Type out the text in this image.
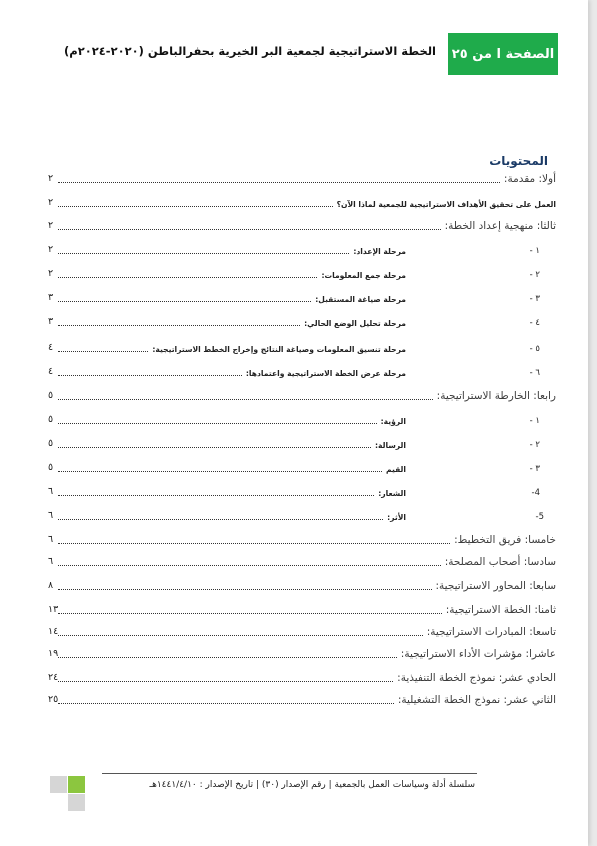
الصفحة ا من ٢٥
الخطة الاستراتيجية لجمعية البر الخيرية بحفرالباطن (٢٠٢٠-٢٠٢٤م)
المحتويات
٢	أولا: مقدمة:
٢	العمل على تحقيق الأهداف الاستراتيجية للجمعية لماذا الآن؟
٢	ثالثا: منهجية إعداد الخطة:
٢	مرحلة الإعداد:	١ -
٢	مرحلة جمع المعلومات:	٢ -
٣	مرحلة صياغة المستقبل:	٣ -
٣	مرحلة تحليل الوضع الحالي:	٤ -
٤	مرحلة تنسيق المعلومات وصياغة النتائج وإخراج الخطط الاستراتيجية:	٥ -
٤	مرحلة عرض الخطة الاستراتيجية واعتمادها:	٦ -
٥	رابعا: الخارطة الاستراتيجية:
٥	الرؤية:	١ -
٥	الرسالة:	٢ -
٥	القيم	٣ -
٦	الشعار:	4-
٦	الأثر:	5-
٦	خامسا: فريق التخطيط:
٦	سادسا: أصحاب المصلحة:
٨	سابعا: المحاور الاستراتيجية:
١٣	ثامنا: الخطة الاستراتيجية:
١٤	تاسعا: المبادرات الاستراتيجية:
١٩	عاشرا: مؤشرات الأداء الاستراتيجية:
٢٤	الحادي عشر: نموذج الخطة التنفيذية:
٢٥	الثاني عشر: نموذج الخطة التشغيلية:
سلسلة أدلة وسياسات العمل بالجمعية | رقم الإصدار (٣٠) | تاريخ الإصدار : ١٤٤١/٤/١٠هـ
